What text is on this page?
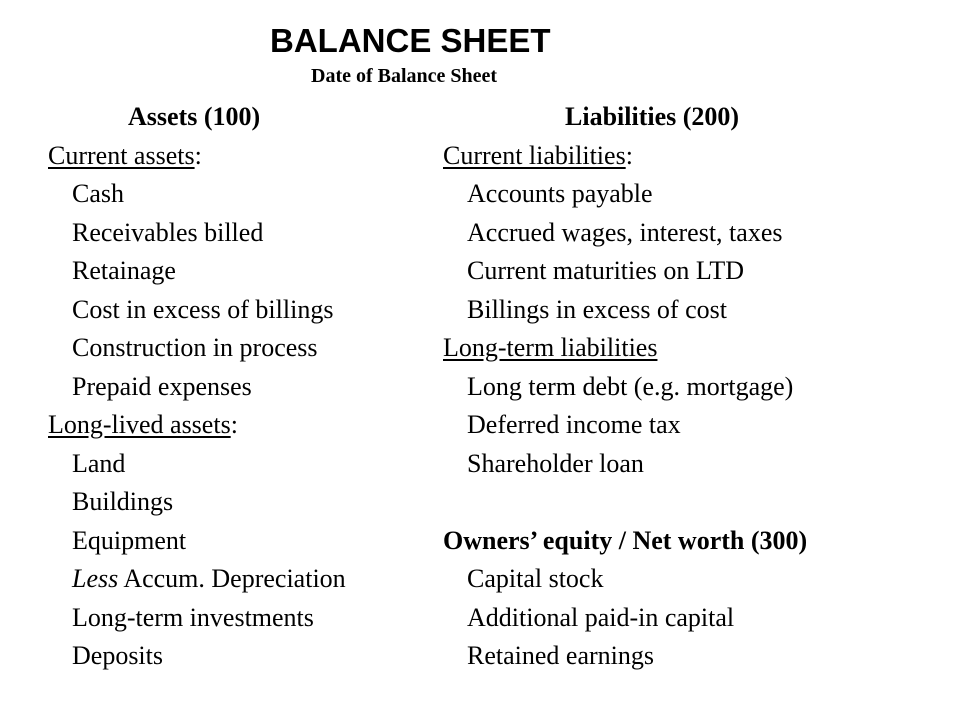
BALANCE SHEET
Date of Balance Sheet
Assets (100)
Current assets:
Cash
Receivables billed
Retainage
Cost in excess of billings
Construction in process
Prepaid expenses
Long-lived assets:
Land
Buildings
Equipment
Less Accum. Depreciation
Long-term investments
Deposits
Liabilities (200)
Current liabilities:
Accounts payable
Accrued wages, interest, taxes
Current maturities on LTD
Billings in excess of cost
Long-term liabilities
Long term debt (e.g. mortgage)
Deferred income tax
Shareholder loan
Owners’ equity / Net worth (300)
Capital stock
Additional paid-in capital
Retained earnings
